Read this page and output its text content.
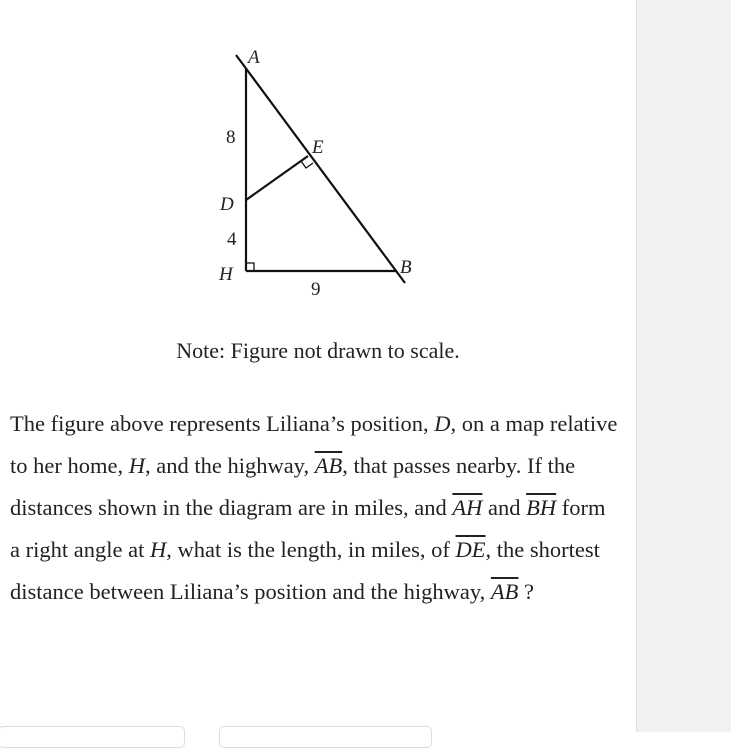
A
E
D
H	B
8
4
9
Note: Figure not drawn to scale.
The figure above represents Liliana’s position, D, on a map relative to her home, H, and the highway, $\overline{AB}$, that passes nearby. If the distances shown in the diagram are in miles, and $\overline{AH}$ and $\overline{BH}$ form a right angle at H, what is the length, in miles, of $\overline{DE}$, the shortest distance between Liliana’s position and the highway, $\overline{AB}$ ?
